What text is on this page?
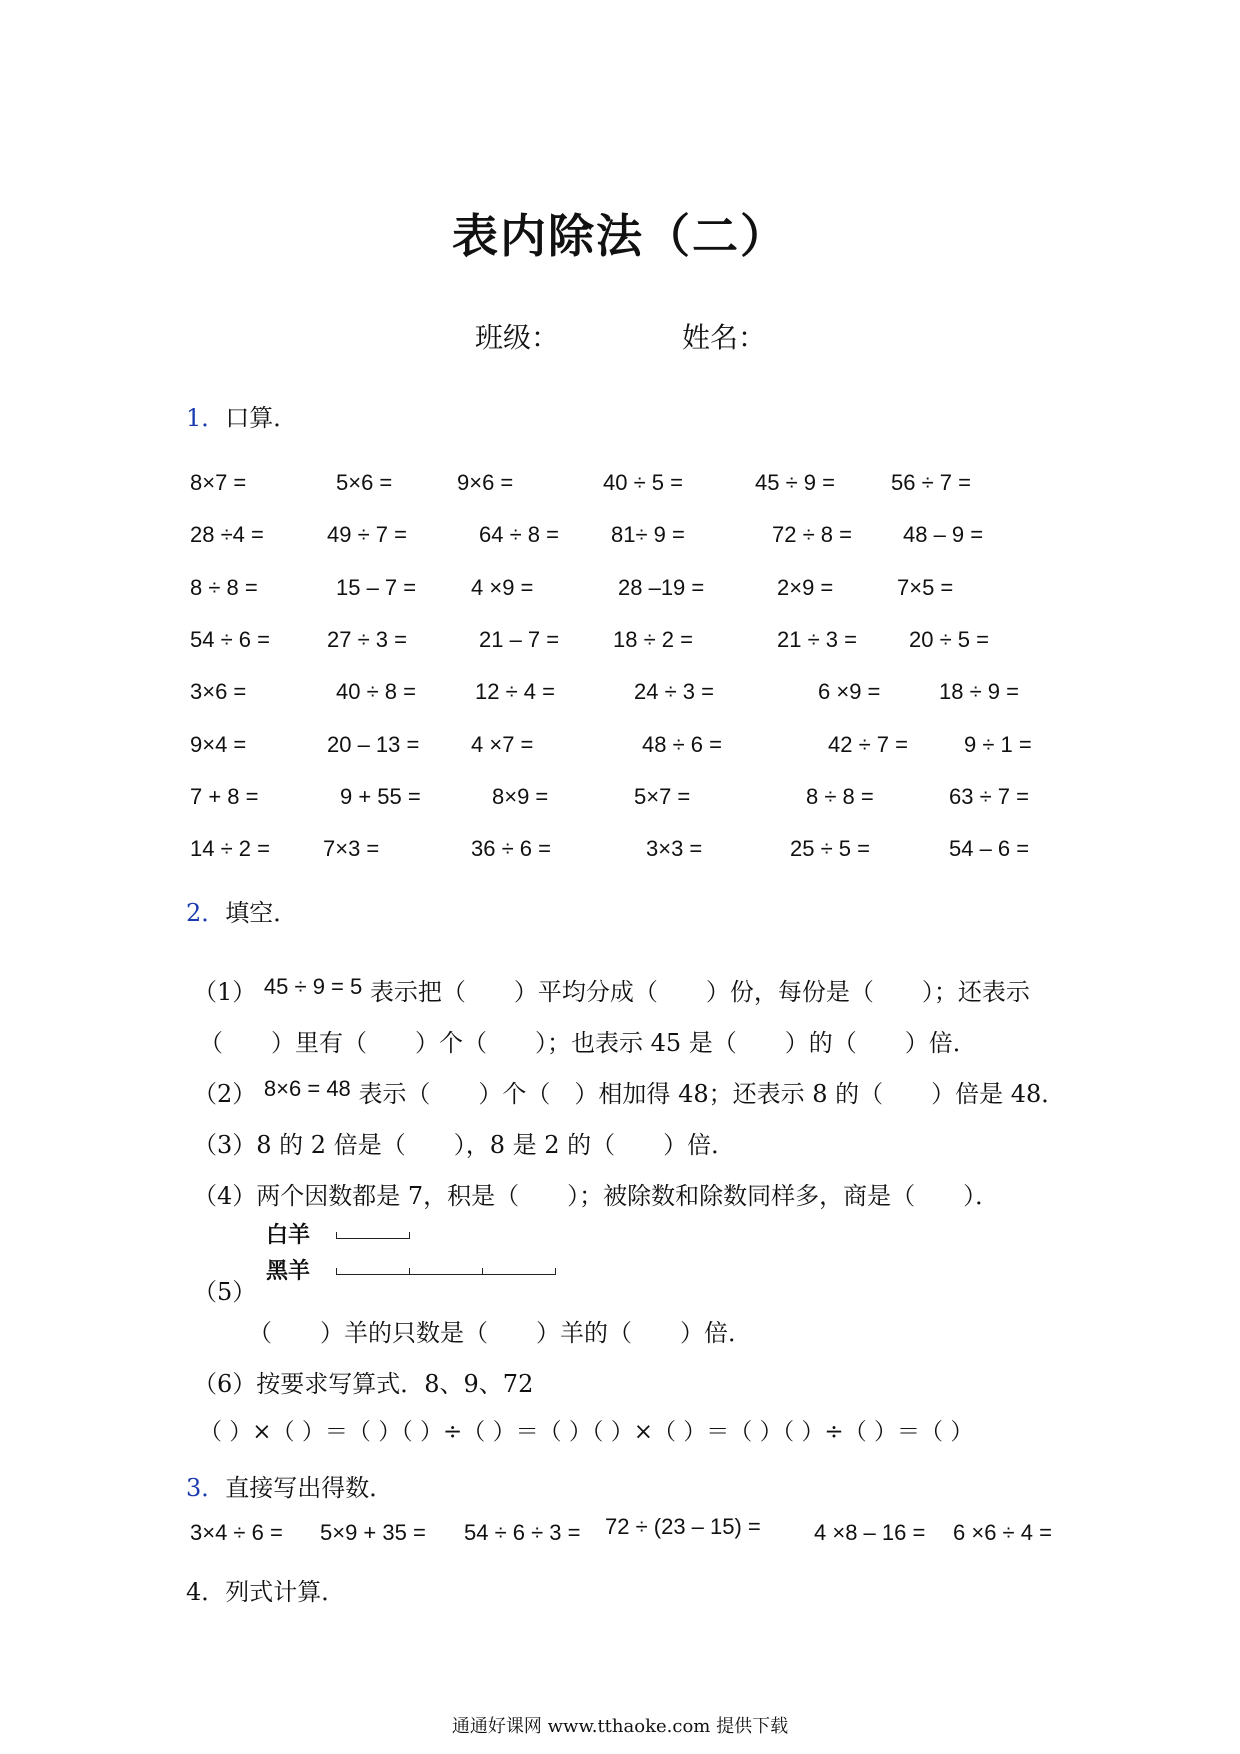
表内除法（二）
班级：	姓名：
1．口算．
8×7 =	5×6 =	9×6 =	40 ÷ 5 =	45 ÷ 9 =	56 ÷ 7 =
28 ÷4 =	49 ÷ 7 =	64 ÷ 8 = 81÷ 9 =	72 ÷ 8 = 48 – 9 =
8 ÷ 8 =	15 – 7 = 4 ×9 =	28 –19 =	2×9 =	7×5 =
54 ÷ 6 =	27 ÷ 3 =	21 – 7 = 18 ÷ 2 =	21 ÷ 3 = 20 ÷ 5 =
3×6 =	40 ÷ 8 =	12 ÷ 4 =	24 ÷ 3 =	6 ×9 =	18 ÷ 9 =
9×4 =	20 – 13 = 4 ×7 =	48 ÷ 6 =	42 ÷ 7 =	9 ÷ 1 =
7 + 8 =	9 + 55 =	8×9 =	5×7 =	8 ÷ 8 =	63 ÷ 7 =
14 ÷ 2 = 7×3 =	36 ÷ 6 =	3×3 =	25 ÷ 5 =	54 – 6 =
2．填空．
（1） 45 ÷ 9 = 5 表示把（　　）平均分成（　　）份，每份是（　　）；还表示
（　　）里有（　　）个（　　）；也表示 45 是（　　）的（　　）倍．
（2） 8×6 = 48 表示（　　）个（　）相加得 48；还表示 8 的（　　）倍是 48．
（3）8 的 2 倍是（　　），8 是 2 的（　　）倍．
（4）两个因数都是 7，积是（　　）；被除数和除数同样多，商是（　　）．
白羊
黑羊
（5）
（　　）羊的只数是（　　）羊的（　　）倍．
（6）按要求写算式．8、9、72
（ ）×（ ）＝（ ）（ ）÷（ ）＝（ ）（ ）×（ ）＝（ ）（ ）÷（ ）＝（ ）
3．直接写出得数．
3×4 ÷ 6 = 5×9 + 35 = 54 ÷ 6 ÷ 3 = 72 ÷ (23 – 15) = 4 ×8 – 16 = 6 ×6 ÷ 4 =
4．列式计算．
通通好课网 www.tthaoke.com 提供下载
